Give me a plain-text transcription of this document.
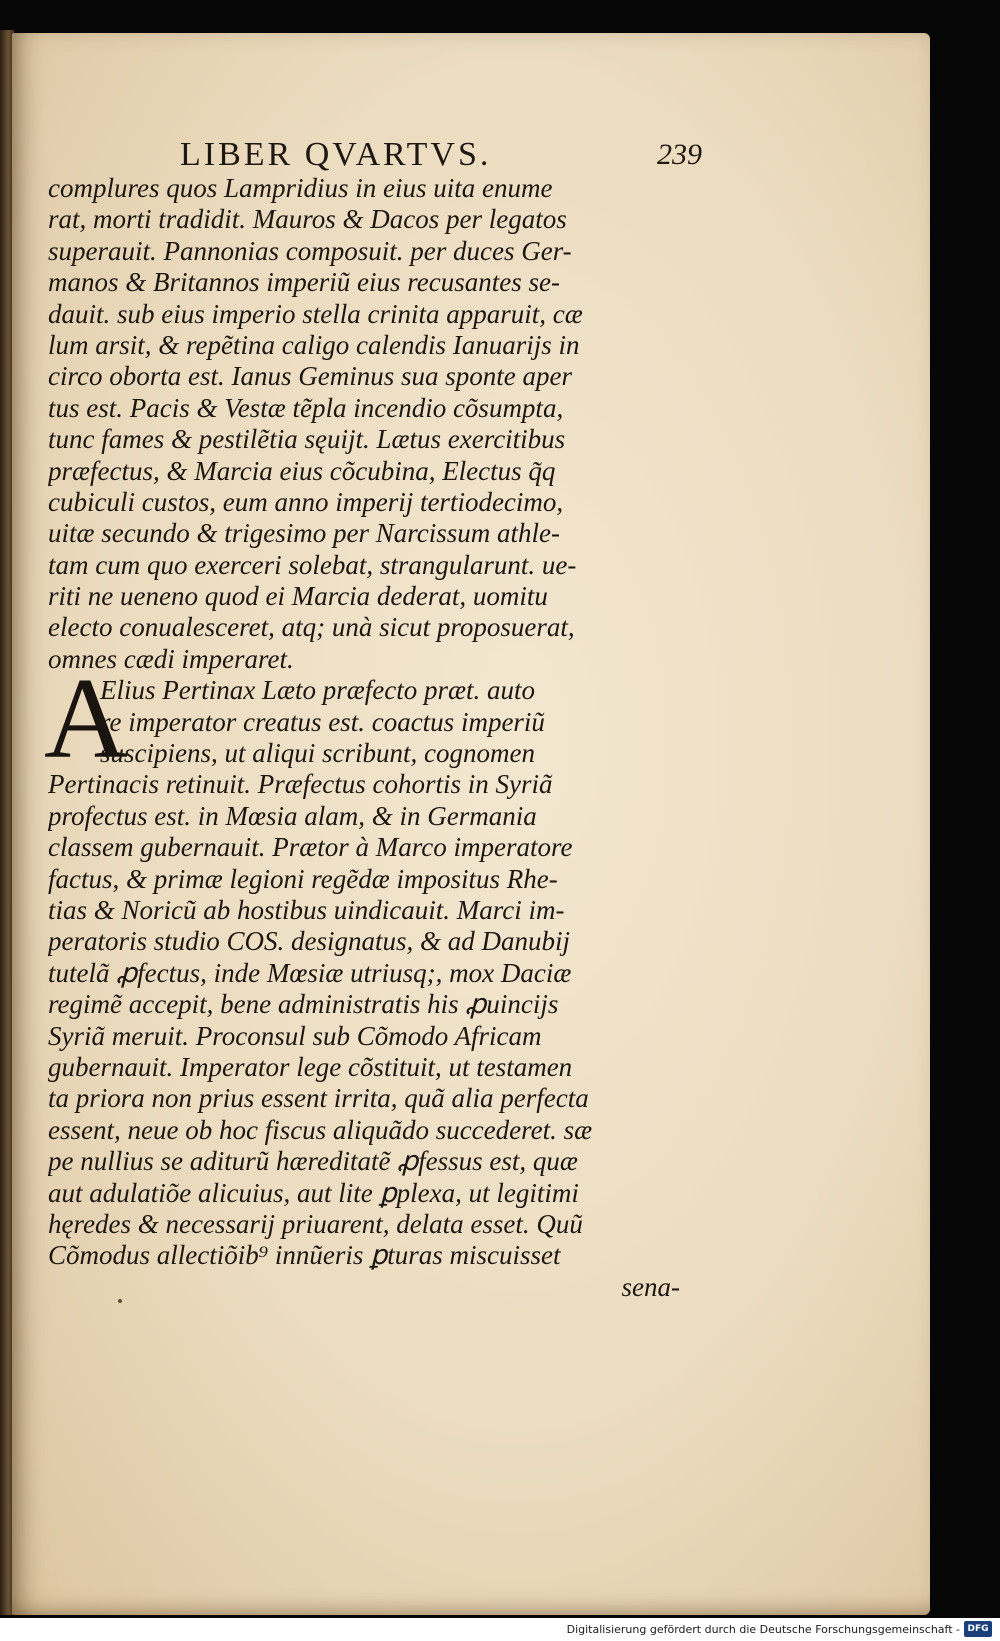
LIBER QVARTVS.	239
complures quos Lampridius in eius uita enume
rat, morti tradidit. Mauros & Dacos per legatos
superauit. Pannonias composuit. per duces Ger-
manos & Britannos imperiũ eius recusantes se-
dauit. sub eius imperio stella crinita apparuit, cæ
lum arsit, & repẽtina caligo calendis Ianuarijs in
circo oborta est. Ianus Geminus sua sponte aper
tus est. Pacis & Vestæ tẽpla incendio cõsumpta,
tunc fames & pestilẽtia sęuijt. Lætus exercitibus
præfectus, & Marcia eius cõcubina, Electus q̃q
cubiculi custos, eum anno imperij tertiodecimo,
uitæ secundo & trigesimo per Narcissum athle-
tam cum quo exerceri solebat, strangularunt. ue-
riti ne ueneno quod ei Marcia dederat, uomitu
electo conualesceret, atq; unà sicut proposuerat,
omnes cædi imperaret.
A
Elius Pertinax Læto præfecto præt. auto
re imperator creatus est. coactus imperiũ
suscipiens, ut aliqui scribunt, cognomen
Pertinacis retinuit. Præfectus cohortis in Syriã
profectus est. in Mœsia alam, & in Germania
classem gubernauit. Prætor à Marco imperatore
factus, & primæ legioni regẽdæ impositus Rhe-
tias & Noricũ ab hostibus uindicauit. Marci im-
peratoris studio COS. designatus, & ad Danubij
tutelã ꝓfectus, inde Mœsiæ utriusq;, mox Daciæ
regimẽ accepit, bene administratis his ꝓuincijs
Syriã meruit. Proconsul sub Cõmodo Africam
gubernauit. Imperator lege cõstituit, ut testamen
ta priora non prius essent irrita, quã alia perfecta
essent, neue ob hoc fiscus aliquãdo succederet. sæ
pe nullius se aditurũ hæreditatẽ ꝓfessus est, quæ
aut adulatiõe alicuius, aut lite ꝑplexa, ut legitimi
hęredes & necessarij priuarent, delata esset. Quũ
Cõmodus allectiõib⁹ innũeris ꝑturas miscuisset
sena-
Digitalisierung gefördert durch die Deutsche Forschungsgemeinschaft - DFG
